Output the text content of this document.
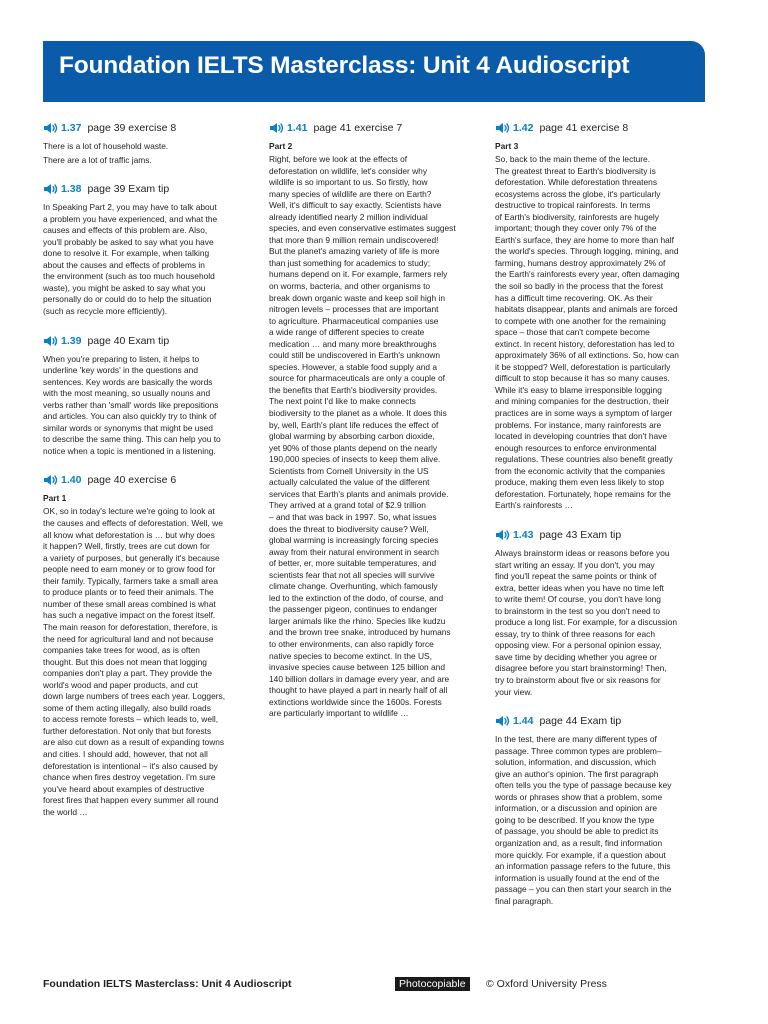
Foundation IELTS Masterclass: Unit 4 Audioscript
1.37 page 39 exercise 8

There is a lot of household waste.

There are a lot of traffic jams.

1.38 page 39 Exam tip

In Speaking Part 2, you may have to talk about
a problem you have experienced, and what the
causes and effects of this problem are. Also,
you'll probably be asked to say what you have
done to resolve it. For example, when talking
about the causes and effects of problems in
the environment (such as too much household
waste), you might be asked to say what you
personally do or could do to help the situation
(such as recycle more efficiently).

1.39 page 40 Exam tip

When you're preparing to listen, it helps to
underline 'key words' in the questions and
sentences. Key words are basically the words
with the most meaning, so usually nouns and
verbs rather than 'small' words like prepositions
and articles. You can also quickly try to think of
similar words or synonyms that might be used
to describe the same thing. This can help you to
notice when a topic is mentioned in a listening.

1.40 page 40 exercise 6
Part 1

OK, so in today's lecture we're going to look at
the causes and effects of deforestation. Well, we
all know what deforestation is … but why does
it happen? Well, firstly, trees are cut down for
a variety of purposes, but generally it's because
people need to earn money or to grow food for
their family. Typically, farmers take a small area
to produce plants or to feed their animals. The
number of these small areas combined is what
has such a negative impact on the forest itself.
The main reason for deforestation, therefore, is
the need for agricultural land and not because
companies take trees for wood, as is often
thought. But this does not mean that logging
companies don't play a part. They provide the
world's wood and paper products, and cut
down large numbers of trees each year. Loggers,
some of them acting illegally, also build roads
to access remote forests – which leads to, well,
further deforestation. Not only that but forests
are also cut down as a result of expanding towns
and cities. I should add, however, that not all
deforestation is intentional – it's also caused by
chance when fires destroy vegetation. I'm sure
you've heard about examples of destructive
forest fires that happen every summer all round
the world …

1.41 page 41 exercise 7
Part 2

Right, before we look at the effects of
deforestation on wildlife, let's consider why
wildlife is so important to us. So firstly, how
many species of wildlife are there on Earth?
Well, it's difficult to say exactly. Scientists have
already identified nearly 2 million individual
species, and even conservative estimates suggest
that more than 9 million remain undiscovered!
But the planet's amazing variety of life is more
than just something for academics to study;
humans depend on it. For example, farmers rely
on worms, bacteria, and other organisms to
break down organic waste and keep soil high in
nitrogen levels – processes that are important
to agriculture. Pharmaceutical companies use
a wide range of different species to create
medication … and many more breakthroughs
could still be undiscovered in Earth's unknown
species. However, a stable food supply and a
source for pharmaceuticals are only a couple of
the benefits that Earth's biodiversity provides.
The next point I'd like to make connects
biodiversity to the planet as a whole. It does this
by, well, Earth's plant life reduces the effect of
global warming by absorbing carbon dioxide,
yet 90% of those plants depend on the nearly
190,000 species of insects to keep them alive.
Scientists from Cornell University in the US
actually calculated the value of the different
services that Earth's plants and animals provide.
They arrived at a grand total of $2.9 trillion
– and that was back in 1997. So, what issues
does the threat to biodiversity cause? Well,
global warming is increasingly forcing species
away from their natural environment in search
of better, er, more suitable temperatures, and
scientists fear that not all species will survive
climate change. Overhunting, which famously
led to the extinction of the dodo, of course, and
the passenger pigeon, continues to endanger
larger animals like the rhino. Species like kudzu
and the brown tree snake, introduced by humans
to other environments, can also rapidly force
native species to become extinct. In the US,
invasive species cause between 125 billion and
140 billion dollars in damage every year, and are
thought to have played a part in nearly half of all
extinctions worldwide since the 1600s. Forests
are particularly important to wildlife …

1.42 page 41 exercise 8
Part 3

So, back to the main theme of the lecture.
The greatest threat to Earth's biodiversity is
deforestation. While deforestation threatens
ecosystems across the globe, it's particularly
destructive to tropical rainforests. In terms
of Earth's biodiversity, rainforests are hugely
important; though they cover only 7% of the
Earth's surface, they are home to more than half
the world's species. Through logging, mining, and
farming, humans destroy approximately 2% of
the Earth's rainforests every year, often damaging
the soil so badly in the process that the forest
has a difficult time recovering. OK. As their
habitats disappear, plants and animals are forced
to compete with one another for the remaining
space – those that can't compete become
extinct. In recent history, deforestation has led to
approximately 36% of all extinctions. So, how can
it be stopped? Well, deforestation is particularly
difficult to stop because it has so many causes.
While it's easy to blame irresponsible logging
and mining companies for the destruction, their
practices are in some ways a symptom of larger
problems. For instance, many rainforests are
located in developing countries that don't have
enough resources to enforce environmental
regulations. These countries also benefit greatly
from the economic activity that the companies
produce, making them even less likely to stop
deforestation. Fortunately, hope remains for the
Earth's rainforests …

1.43 page 43 Exam tip

Always brainstorm ideas or reasons before you
start writing an essay. If you don't, you may
find you'll repeat the same points or think of
extra, better ideas when you have no time left
to write them! Of course, you don't have long
to brainstorm in the test so you don't need to
produce a long list. For example, for a discussion
essay, try to think of three reasons for each
opposing view. For a personal opinion essay,
save time by deciding whether you agree or
disagree before you start brainstorming! Then,
try to brainstorm about five or six reasons for
your view.

1.44 page 44 Exam tip

In the test, there are many different types of
passage. Three common types are problem–
solution, information, and discussion, which
give an author's opinion. The first paragraph
often tells you the type of passage because key
words or phrases show that a problem, some
information, or a discussion and opinion are
going to be described. If you know the type
of passage, you should be able to predict its
organization and, as a result, find information
more quickly. For example, if a question about
an information passage refers to the future, this
information is usually found at the end of the
passage – you can then start your search in the
final paragraph.

Foundation IELTS Masterclass: Unit 4 Audioscript	Photocopiable	© Oxford University Press
